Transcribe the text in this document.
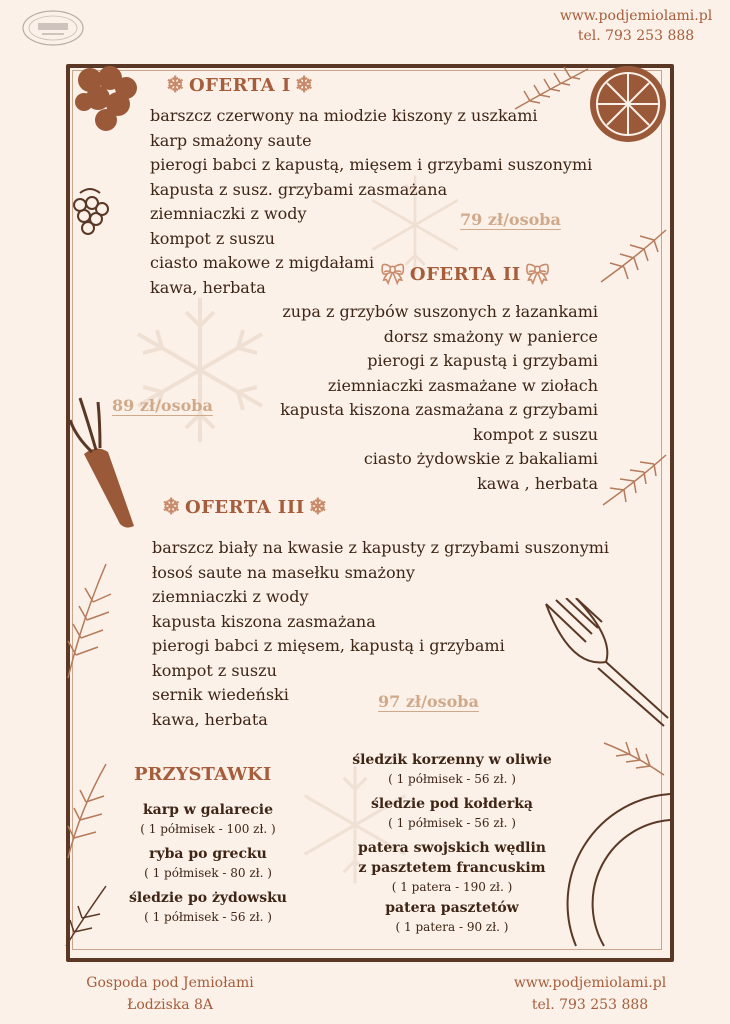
www.podjemiolami.pl
tel. 793 253 888
❄ OFERTA I ❄
barszcz czerwony na miodzie kiszony z uszkami
karp smażony saute
pierogi babci z kapustą, mięsem i grzybami suszonymi
kapusta z susz. grzybami zasmażana
ziemniaczki z wody
kompot z suszu
ciasto makowe z migdałami
kawa, herbata
79 zł/osoba
🎀︎ OFERTA II 🎀︎
zupa z grzybów suszonych z łazankami
dorsz smażony w panierce
pierogi z kapustą i grzybami
ziemniaczki zasmażane w ziołach
kapusta kiszona zasmażana z grzybami
kompot z suszu
ciasto żydowskie z bakaliami
kawa , herbata
89 zł/osoba
❄ OFERTA III ❄
barszcz biały na kwasie z kapusty z grzybami suszonymi
łosoś saute na masełku smażony
ziemniaczki z wody
kapusta kiszona zasmażana
pierogi babci z mięsem, kapustą i grzybami
kompot z suszu
sernik wiedeński
kawa, herbata
97 zł/osoba
PRZYSTAWKI
karp w galarecie
( 1 półmisek - 100 zł. )
ryba po grecku
( 1 półmisek - 80 zł. )
śledzie po żydowsku
( 1 półmisek - 56 zł. )
śledzik korzenny w oliwie
( 1 półmisek - 56 zł. )
śledzie pod kołderką
( 1 półmisek - 56 zł. )
patera swojskich wędlin
z pasztetem francuskim
( 1 patera - 190 zł. )
patera pasztetów
( 1 patera - 90 zł. )
Gospoda pod Jemiołami
Łodziska 8A
www.podjemiolami.pl
tel. 793 253 888
